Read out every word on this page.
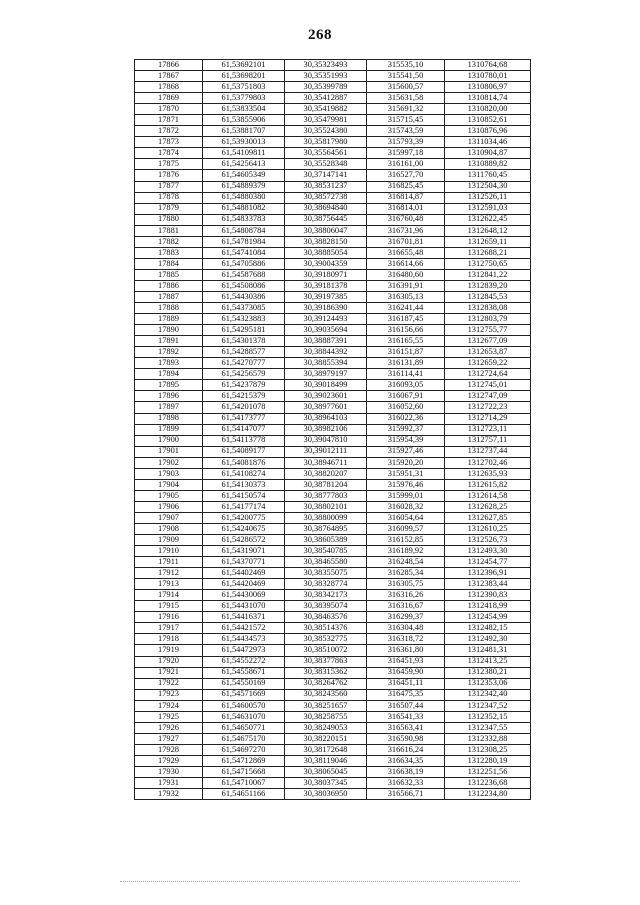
268
17866	61,53692101	30,35323493	315535,10	1310764,68
17867	61,53698201	30,35351993	315541,50	1310780,01
17868	61,53751803	30,35399789	315600,57	1310806,97
17869	61,53779803	30,35412887	315631,58	1310814,74
17870	61,53833504	30,35419882	315691,32	1310820,00
17871	61,53855906	30,35479981	315715,45	1310852,61
17872	61,53881707	30,35524380	315743,59	1310876,96
17873	61,53930013	30,35817980	315793,39	1311034,46
17874	61,54109811	30,35564561	315997,18	1310904,87
17875	61,54256413	30,35528348	316161,00	1310889,82
17876	61,54605349	30,37147141	316527,70	1311760,45
17877	61,54889379	30,38531237	316825,45	1312504,30
17878	61,54880380	30,38572738	316814,87	1312526,11
17879	61,54881082	30,38694840	316814,01	1312591,03
17880	61,54833783	30,38756445	316760,48	1312622,45
17881	61,54808784	30,38806047	316731,96	1312648,12
17882	61,54781984	30,38828150	316701,81	1312659,11
17883	61,54741084	30,38885054	316655,48	1312688,21
17884	61,54705886	30,39004359	316614,66	1312750,65
17885	61,54587688	30,39180971	316480,60	1312841,22
17886	61,54508086	30,39181378	316391,91	1312839,20
17887	61,54430386	30,39197385	316305,13	1312845,53
17888	61,54373085	30,39186390	316241,44	1312838,08
17889	61,54323883	30,39124493	316187,45	1312803,79
17890	61,54295181	30,39035694	316156,66	1312755,77
17891	61,54301378	30,38887391	316165,55	1312677,09
17892	61,54288577	30,38844392	316151,87	1312653,87
17893	61,54270777	30,38855394	316131,89	1312659,22
17894	61,54256579	30,38979197	316114,41	1312724,64
17895	61,54237879	30,39018499	316093,05	1312745,01
17896	61,54215379	30,39023601	316067,91	1312747,09
17897	61,54201078	30,38977601	316052,60	1312722,23
17898	61,54173777	30,38964103	316022,36	1312714,29
17899	61,54147077	30,38982106	315992,37	1312723,11
17900	61,54113778	30,39047810	315954,39	1312757,11
17901	61,54089177	30,39012111	315927,46	1312737,44
17902	61,54081876	30,38946711	315920,20	1312702,46
17903	61,54108274	30,38820207	315951,31	1312635,93
17904	61,54130373	30,38781204	315976,46	1312615,82
17905	61,54150574	30,38777803	315999,01	1312614,58
17906	61,54177174	30,38802101	316028,32	1312628,25
17907	61,54200775	30,38800099	316054,64	1312627,85
17908	61,54240675	30,38764895	316099,57	1312610,25
17909	61,54286572	30,38605389	316152,85	1312526,73
17910	61,54319071	30,38540785	316189,92	1312493,30
17911	61,54370771	30,38465580	316248,54	1312454,77
17912	61,54402469	30,38355075	316285,34	1312396,91
17913	61,54420469	30,38328774	316305,75	1312383,44
17914	61,54430069	30,38342173	316316,26	1312390,83
17915	61,54431070	30,38395074	316316,67	1312418,99
17916	61,54416371	30,38463576	316299,37	1312454,99
17917	61,54421572	30,38514376	316304,48	1312482,15
17918	61,54434573	30,38532775	316318,72	1312492,30
17919	61,54472973	30,38510072	316361,80	1312481,31
17920	61,54552272	30,38377863	316451,93	1312413,25
17921	61,54558671	30,38315362	316459,90	1312380,21
17922	61,54550169	30,38264762	316451,11	1312353,06
17923	61,54571669	30,38243560	316475,35	1312342,40
17924	61,54600570	30,38251657	316507,44	1312347,52
17925	61,54631070	30,38258755	316541,33	1312352,15
17926	61,54650771	30,38249053	316563,41	1312347,55
17927	61,54675170	30,38220151	316590,98	1312332,88
17928	61,54697270	30,38172648	316616,24	1312308,25
17929	61,54712869	30,38119046	316634,35	1312280,19
17930	61,54715668	30,38065045	316638,19	1312251,56
17931	61,54710067	30,38037345	316632,33	1312236,68
17932	61,54651166	30,38036950	316566,71	1312234,80
